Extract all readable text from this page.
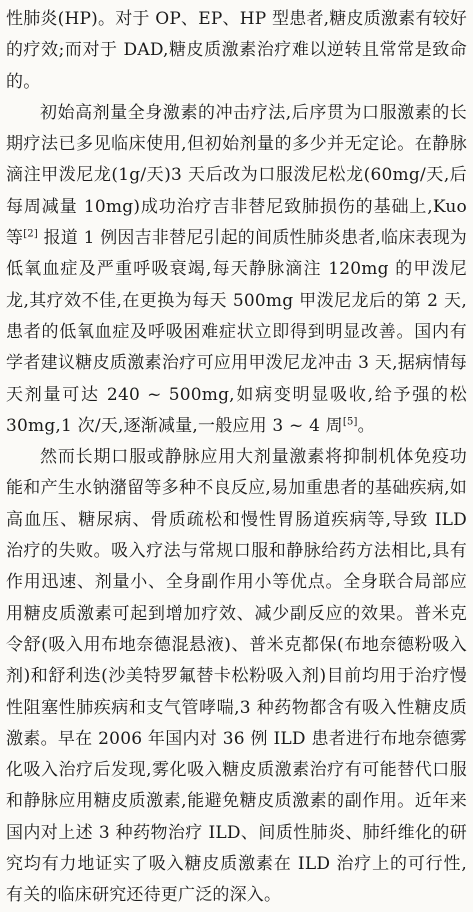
性肺炎(HP)。对于 OP、EP、HP 型患者,糖皮质激素有较好的疗效;而对于 DAD,糖皮质激素治疗难以逆转且常常是致命的。

初始高剂量全身激素的冲击疗法,后序贯为口服激素的长期疗法已多见临床使用,但初始剂量的多少并无定论。在静脉滴注甲泼尼龙(1g/天)3 天后改为口服泼尼松龙(60mg/天,后每周减量 10mg)成功治疗吉非替尼致肺损伤的基础上,Kuo 等[2] 报道 1 例因吉非替尼引起的间质性肺炎患者,临床表现为低氧血症及严重呼吸衰竭,每天静脉滴注 120mg 的甲泼尼龙,其疗效不佳,在更换为每天 500mg 甲泼尼龙后的第 2 天,患者的低氧血症及呼吸困难症状立即得到明显改善。国内有学者建议糖皮质激素治疗可应用甲泼尼龙冲击 3 天,据病情每天剂量可达 240 ~ 500mg,如病变明显吸收,给予强的松 30mg,1 次/天,逐渐减量,一般应用 3 ~ 4 周[5]。

然而长期口服或静脉应用大剂量激素将抑制机体免疫功能和产生水钠潴留等多种不良反应,易加重患者的基础疾病,如高血压、糖尿病、骨质疏松和慢性胃肠道疾病等,导致 ILD 治疗的失败。吸入疗法与常规口服和静脉给药方法相比,具有作用迅速、剂量小、全身副作用小等优点。全身联合局部应用糖皮质激素可起到增加疗效、减少副反应的效果。普米克令舒(吸入用布地奈德混悬液)、普米克都保(布地奈德粉吸入剂)和舒利迭(沙美特罗氟替卡松粉吸入剂)目前均用于治疗慢性阻塞性肺疾病和支气管哮喘,3 种药物都含有吸入性糖皮质激素。早在 2006 年国内对 36 例 ILD 患者进行布地奈德雾化吸入治疗后发现,雾化吸入糖皮质激素治疗有可能替代口服和静脉应用糖皮质激素,能避免糖皮质激素的副作用。近年来国内对上述 3 种药物治疗 ILD、间质性肺炎、肺纤维化的研究均有力地证实了吸入糖皮质激素在 ILD 治疗上的可行性,有关的临床研究还待更广泛的深入。
